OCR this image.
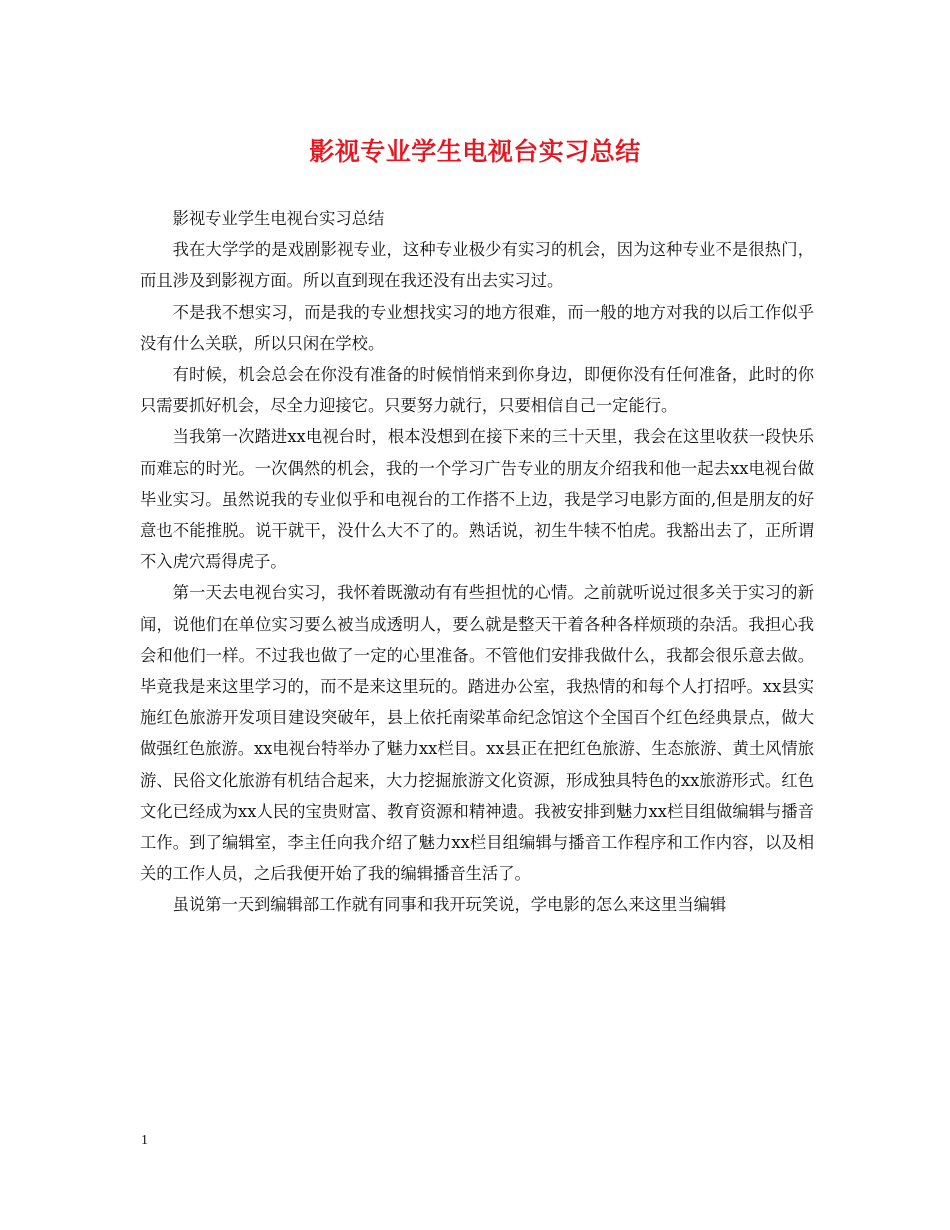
影视专业学生电视台实习总结

影视专业学生电视台实习总结

我在大学学的是戏剧影视专业，这种专业极少有实习的机会，因为这种专业不是很热门，而且涉及到影视方面。所以直到现在我还没有出去实习过。

不是我不想实习，而是我的专业想找实习的地方很难，而一般的地方对我的以后工作似乎没有什么关联，所以只闲在学校。

有时候，机会总会在你没有准备的时候悄悄来到你身边，即便你没有任何准备，此时的你只需要抓好机会，尽全力迎接它。只要努力就行，只要相信自己一定能行。

当我第一次踏进xx电视台时，根本没想到在接下来的三十天里，我会在这里收获一段快乐而难忘的时光。一次偶然的机会，我的一个学习广告专业的朋友介绍我和他一起去xx电视台做毕业实习。虽然说我的专业似乎和电视台的工作搭不上边，我是学习电影方面的,但是朋友的好意也不能推脱。说干就干，没什么大不了的。熟话说，初生牛犊不怕虎。我豁出去了，正所谓不入虎穴焉得虎子。

第一天去电视台实习，我怀着既激动有有些担忧的心情。之前就听说过很多关于实习的新闻，说他们在单位实习要么被当成透明人，要么就是整天干着各种各样烦琐的杂活。我担心我会和他们一样。不过我也做了一定的心里准备。不管他们安排我做什么，我都会很乐意去做。毕竟我是来这里学习的，而不是来这里玩的。踏进办公室，我热情的和每个人打招呼。xx县实施红色旅游开发项目建设突破年，县上依托南梁革命纪念馆这个全国百个红色经典景点，做大做强红色旅游。xx电视台特举办了魅力xx栏目。xx县正在把红色旅游、生态旅游、黄土风情旅游、民俗文化旅游有机结合起来，大力挖掘旅游文化资源，形成独具特色的xx旅游形式。红色文化已经成为xx人民的宝贵财富、教育资源和精神遗。我被安排到魅力xx栏目组做编辑与播音工作。到了编辑室，李主任向我介绍了魅力xx栏目组编辑与播音工作程序和工作内容，以及相关的工作人员，之后我便开始了我的编辑播音生活了。

虽说第一天到编辑部工作就有同事和我开玩笑说，学电影的怎么来这里当编辑

1
